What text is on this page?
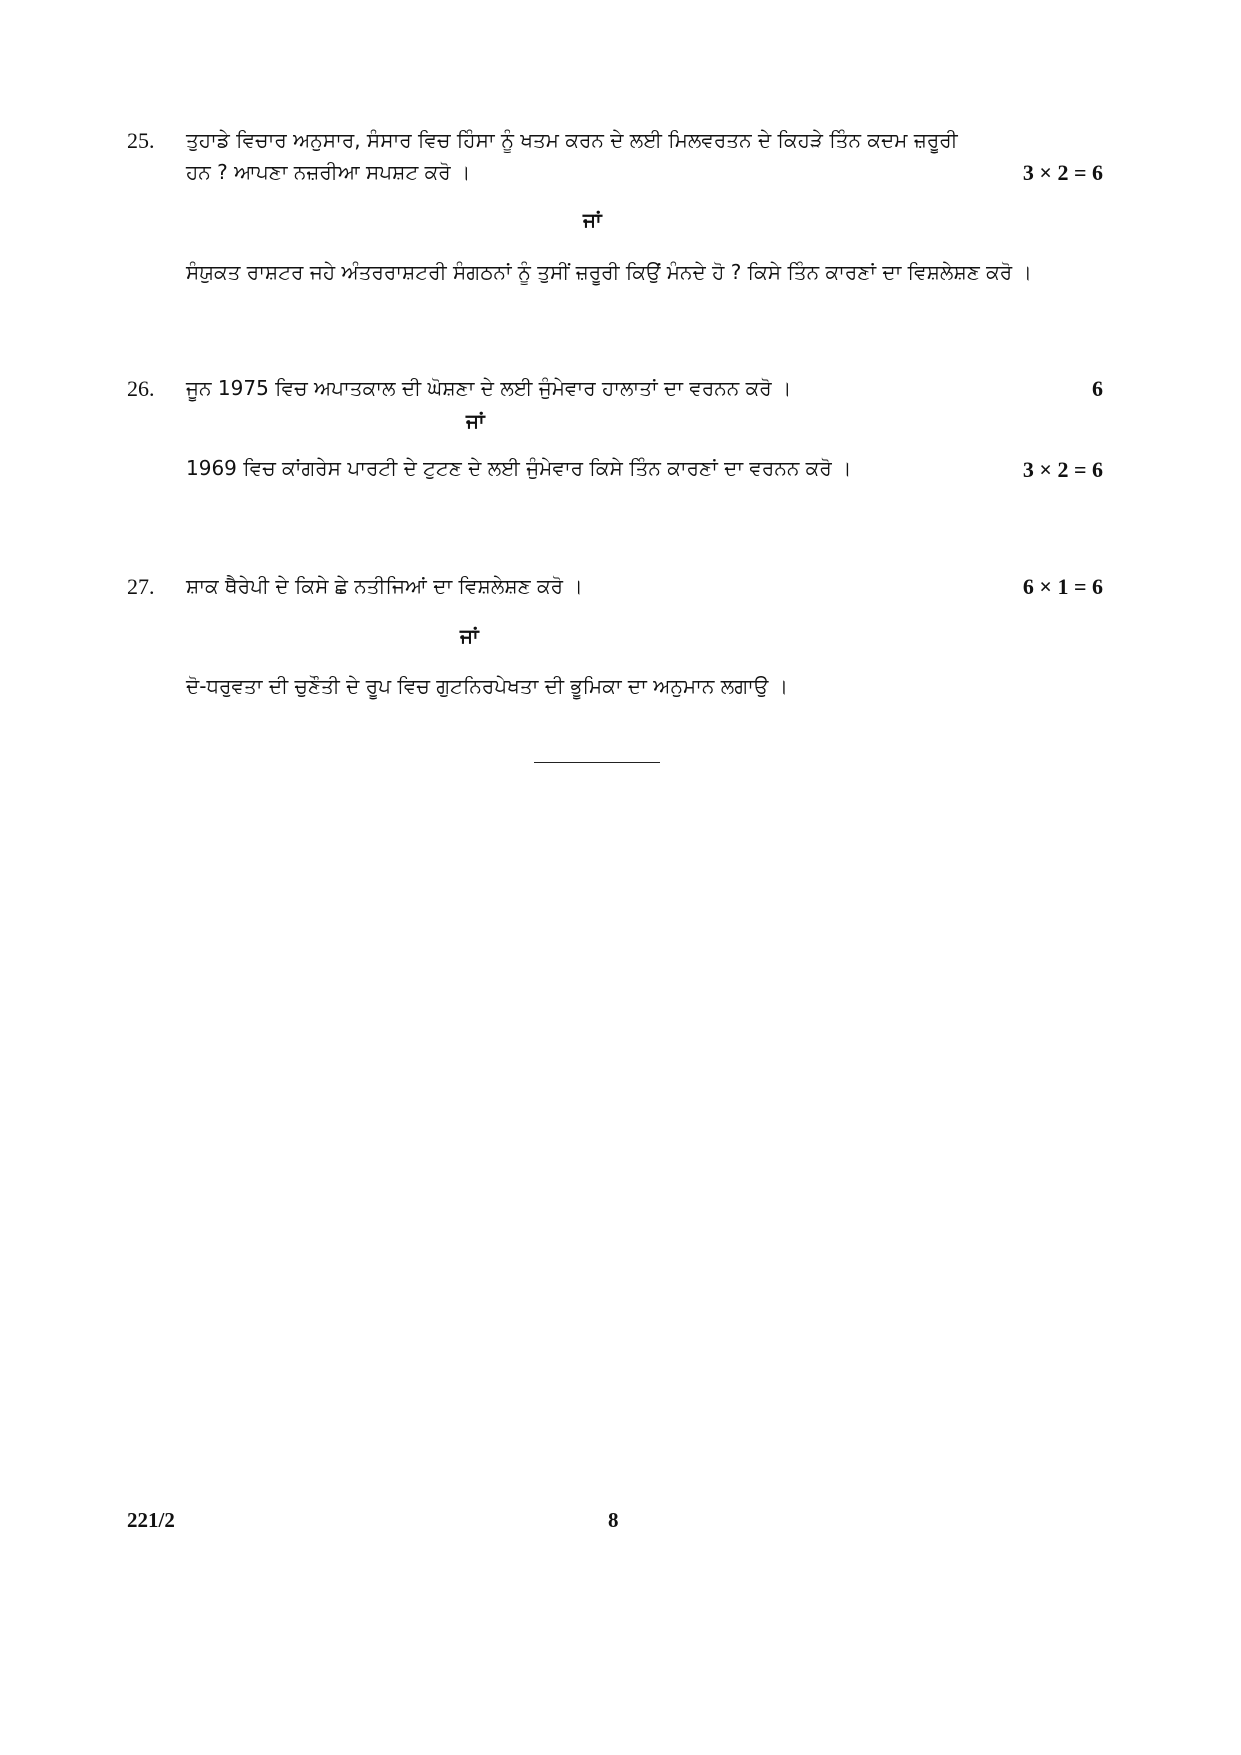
25. ਤੁਹਾਡੇ ਵਿਚਾਰ ਅਨੁਸਾਰ, ਸੰਸਾਰ ਵਿਚ ਹਿੰਸਾ ਨੂੰ ਖਤਮ ਕਰਨ ਦੇ ਲਈ ਮਿਲਵਰਤਨ ਦੇ ਕਿਹੜੇ ਤਿੰਨ ਕਦਮ ਜ਼ਰੂਰੀ ਹਨ ? ਆਪਣਾ ਨਜ਼ਰੀਆ ਸਪਸ਼ਟ ਕਰੋ ।	3 × 2 = 6
ਜਾਂ
ਸੰਯੁਕਤ ਰਾਸ਼ਟਰ ਜਹੇ ਅੰਤਰਰਾਸ਼ਟਰੀ ਸੰਗਠਨਾਂ ਨੂੰ ਤੁਸੀਂ ਜ਼ਰੂਰੀ ਕਿਉਂ ਮੰਨਦੇ ਹੋ ? ਕਿਸੇ ਤਿੰਨ ਕਾਰਣਾਂ ਦਾ ਵਿਸ਼ਲੇਸ਼ਣ ਕਰੋ ।
26. ਜੂਨ 1975 ਵਿਚ ਅਪਾਤਕਾਲ ਦੀ ਘੋਸ਼ਣਾ ਦੇ ਲਈ ਜੁੰਮੇਵਾਰ ਹਾਲਾਤਾਂ ਦਾ ਵਰਨਨ ਕਰੋ ।	6
ਜਾਂ
1969 ਵਿਚ ਕਾਂਗਰੇਸ ਪਾਰਟੀ ਦੇ ਟੁਟਣ ਦੇ ਲਈ ਜੁੰਮੇਵਾਰ ਕਿਸੇ ਤਿੰਨ ਕਾਰਣਾਂ ਦਾ ਵਰਨਨ ਕਰੋ ।	3 × 2 = 6
27. ਸ਼ਾਕ ਥੈਰੇਪੀ ਦੇ ਕਿਸੇ ਛੇ ਨਤੀਜਿਆਂ ਦਾ ਵਿਸ਼ਲੇਸ਼ਣ ਕਰੋ ।	6 × 1 = 6
ਜਾਂ
ਦੋ-ਧਰੁਵਤਾ ਦੀ ਚੁਣੌਤੀ ਦੇ ਰੂਪ ਵਿਚ ਗੁਟਨਿਰਪੇਖਤਾ ਦੀ ਭੂਮਿਕਾ ਦਾ ਅਨੁਮਾਨ ਲਗਾਉ ।
221/2	8
